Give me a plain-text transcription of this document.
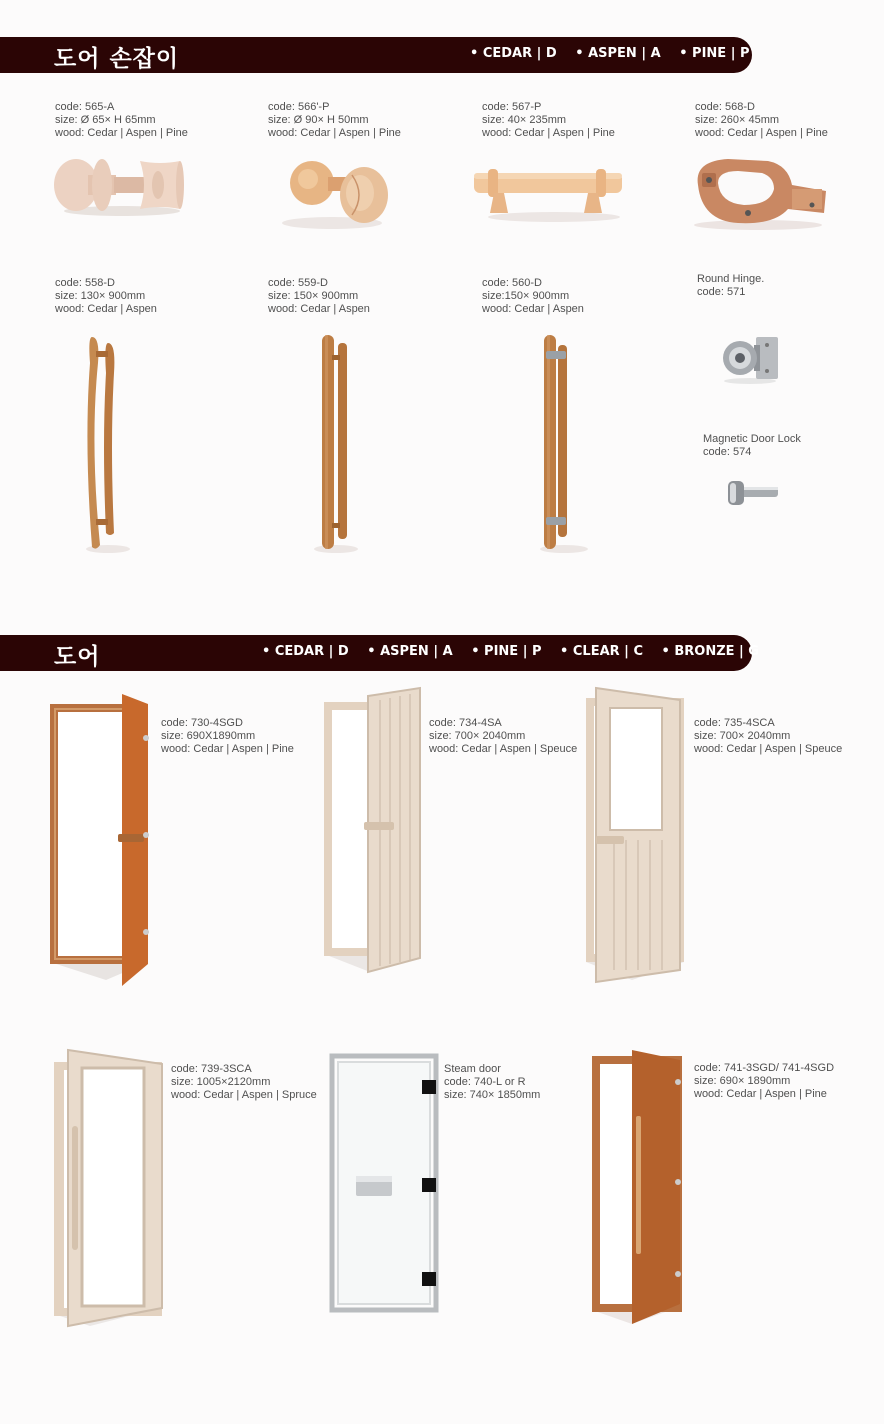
도어 손잡이	• CEDAR | D • ASPEN | A • PINE | P
code: 565-A
size: Ø 65× H 65mm
wood: Cedar | Aspen | Pine
code: 566'-P
size: Ø 90× H 50mm
wood: Cedar | Aspen | Pine
code: 567-P
size: 40× 235mm
wood: Cedar | Aspen | Pine
code: 568-D
size: 260× 45mm
wood: Cedar | Aspen | Pine
code: 558-D
size: 130× 900mm
wood: Cedar | Aspen
code: 559-D
size: 150× 900mm
wood: Cedar | Aspen
code: 560-D
size:150× 900mm
wood: Cedar | Aspen
Round Hinge.
code: 571
Magnetic Door Lock
code: 574
도어	• CEDAR | D • ASPEN | A • PINE | P • CLEAR | C • BRONZE | G
code: 730-4SGD
size: 690X1890mm
wood: Cedar | Aspen | Pine
code: 734-4SA
size: 700× 2040mm
wood: Cedar | Aspen | Speuce
code: 735-4SCA
size: 700× 2040mm
wood: Cedar | Aspen | Speuce
code: 739-3SCA
size: 1005×2120mm
wood: Cedar | Aspen | Spruce
Steam door
code: 740-L or R
size: 740× 1850mm
code: 741-3SGD/ 741-4SGD
size: 690× 1890mm
wood: Cedar | Aspen | Pine
